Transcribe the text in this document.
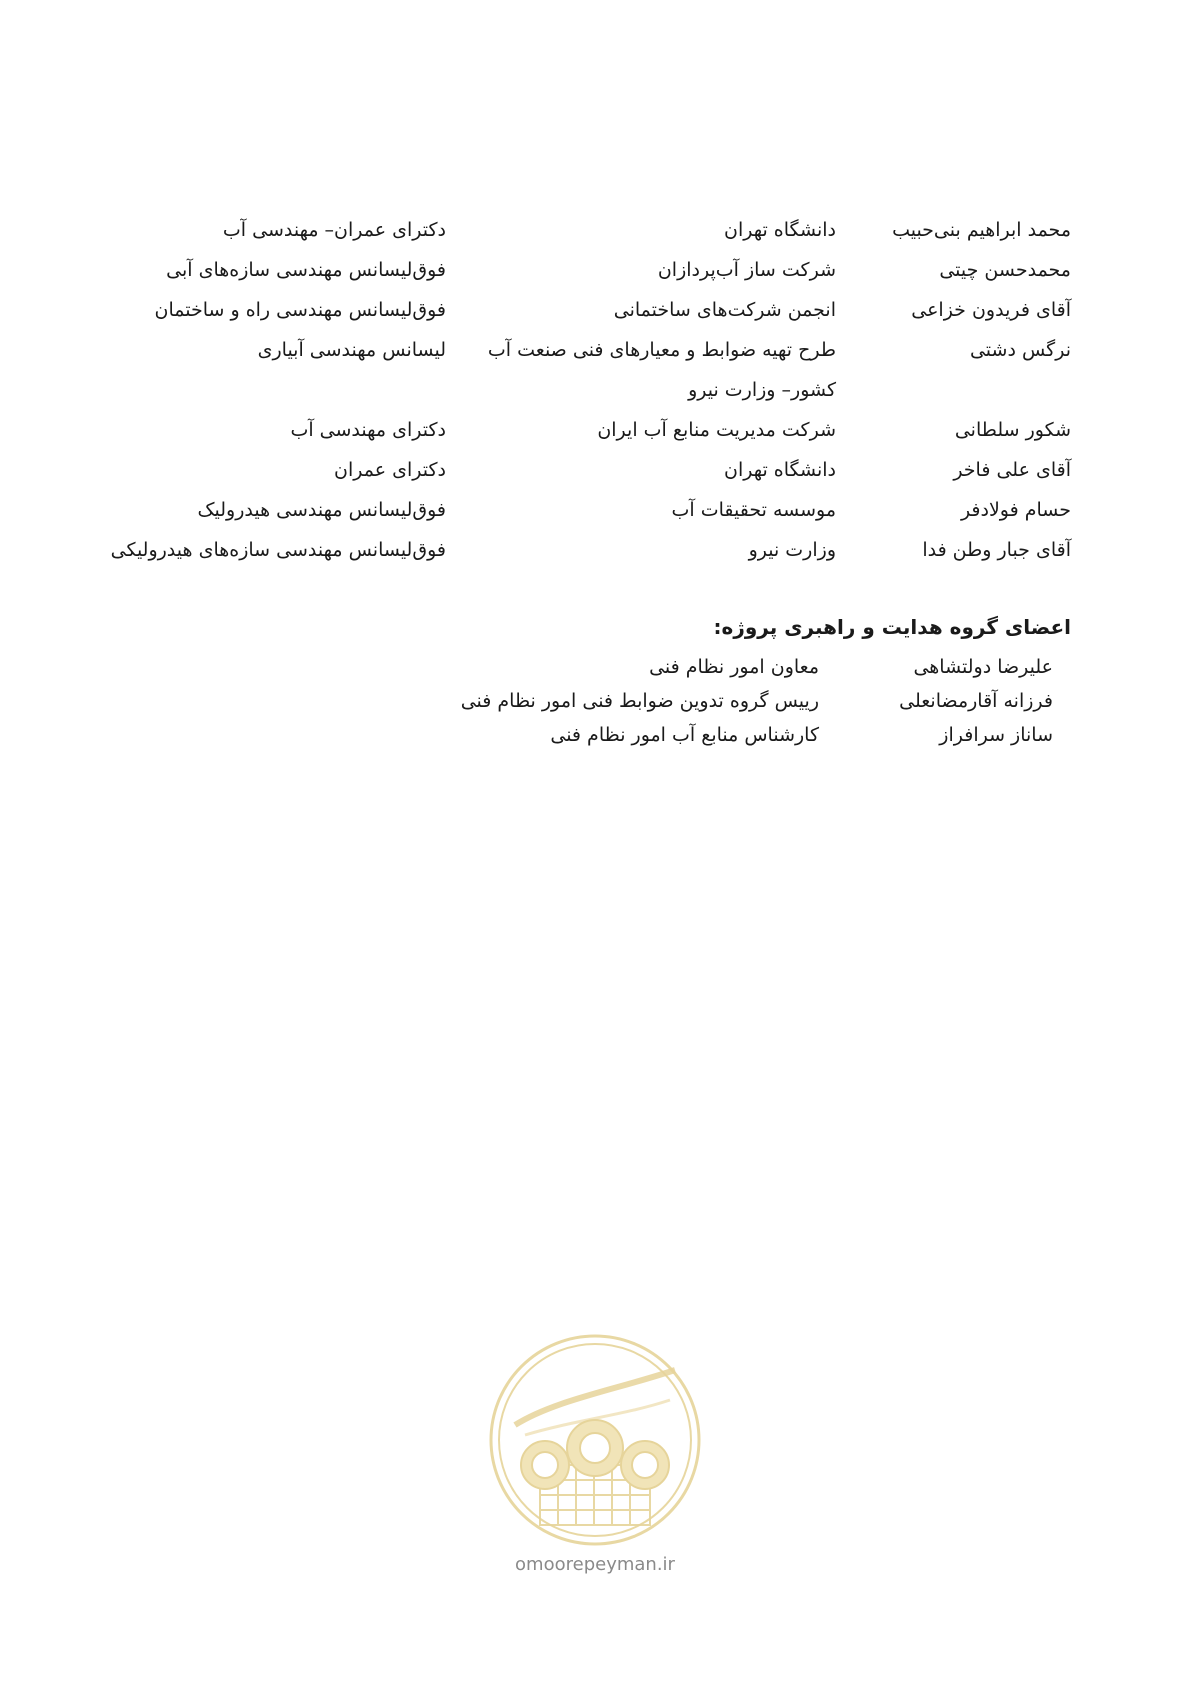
محمد ابراهیم بنی‌حبیب
دانشگاه تهران
دکترای عمران– مهندسی آب
محمدحسن چیتی
شرکت ساز آب‌پردازان
فوق‌لیسانس مهندسی سازه‌های آبی
آقای فریدون خزاعی
انجمن شرکت‌های ساختمانی
فوق‌لیسانس مهندسی راه و ساختمان
نرگس دشتی
طرح تهیه ضوابط و معیارهای فنی صنعت آب
کشور– وزارت نیرو
لیسانس مهندسی آبیاری
شکور سلطانی
شرکت مدیریت منابع آب ایران
دکترای مهندسی آب
آقای علی فاخر
دانشگاه تهران
دکترای عمران
حسام فولادفر
موسسه تحقیقات آب
فوق‌لیسانس مهندسی هیدرولیک
آقای جبار وطن فدا
وزارت نیرو
فوق‌لیسانس مهندسی سازه‌های هیدرولیکی
اعضای گروه هدایت و راهبری پروژه:
علیرضا دولتشاهی
معاون امور نظام فنی
فرزانه آقارمضانعلی
رییس گروه تدوین ضوابط فنی امور نظام فنی
ساناز سرافراز
کارشناس منابع آب امور نظام فنی
omoorepeyman.ir
